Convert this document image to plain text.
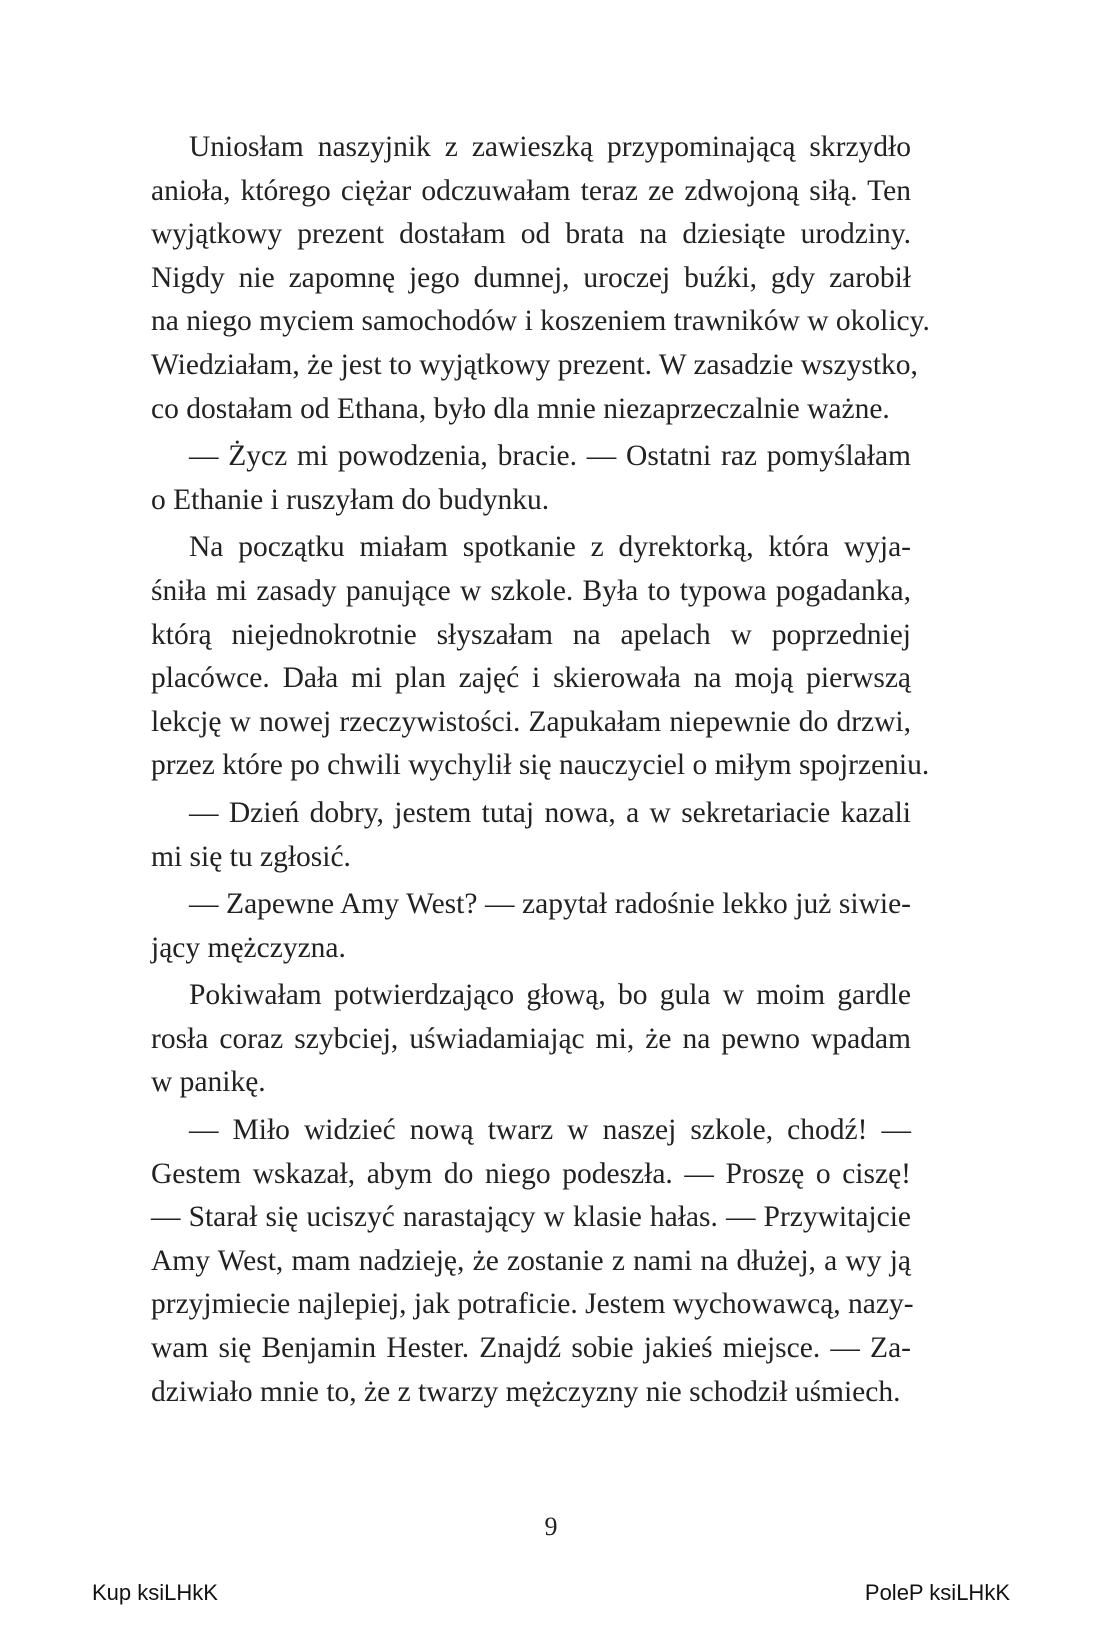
Uniosłam naszyjnik z zawieszką przypominającą skrzydło
anioła, którego ciężar odczuwałam teraz ze zdwojoną siłą. Ten
wyjątkowy prezent dostałam od brata na dziesiąte urodziny.
Nigdy nie zapomnę jego dumnej, uroczej buźki, gdy zarobił
na niego myciem samochodów i koszeniem trawników w okolicy.
Wiedziałam, że jest to wyjątkowy prezent. W zasadzie wszystko,
co dostałam od Ethana, było dla mnie niezaprzeczalnie ważne.
— Życz mi powodzenia, bracie. — Ostatni raz pomyślałam
o Ethanie i ruszyłam do budynku.
Na początku miałam spotkanie z dyrektorką, która wyja-
śniła mi zasady panujące w szkole. Była to typowa pogadanka,
którą niejednokrotnie słyszałam na apelach w poprzedniej
placówce. Dała mi plan zajęć i skierowała na moją pierwszą
lekcję w nowej rzeczywistości. Zapukałam niepewnie do drzwi,
przez które po chwili wychylił się nauczyciel o miłym spojrzeniu.
— Dzień dobry, jestem tutaj nowa, a w sekretariacie kazali
mi się tu zgłosić.
— Zapewne Amy West? — zapytał radośnie lekko już siwie-
jący mężczyzna.
Pokiwałam potwierdzająco głową, bo gula w moim gardle
rosła coraz szybciej, uświadamiając mi, że na pewno wpadam
w panikę.
— Miło widzieć nową twarz w naszej szkole, chodź! —
Gestem wskazał, abym do niego podeszła. — Proszę o ciszę!
— Starał się uciszyć narastający w klasie hałas. — Przywitajcie
Amy West, mam nadzieję, że zostanie z nami na dłużej, a wy ją
przyjmiecie najlepiej, jak potraficie. Jestem wychowawcą, nazy-
wam się Benjamin Hester. Znajdź sobie jakieś miejsce. — Za-
dziwiało mnie to, że z twarzy mężczyzny nie schodził uśmiech.
9
Kup ksiLHkK	PoleP ksiLHkK
